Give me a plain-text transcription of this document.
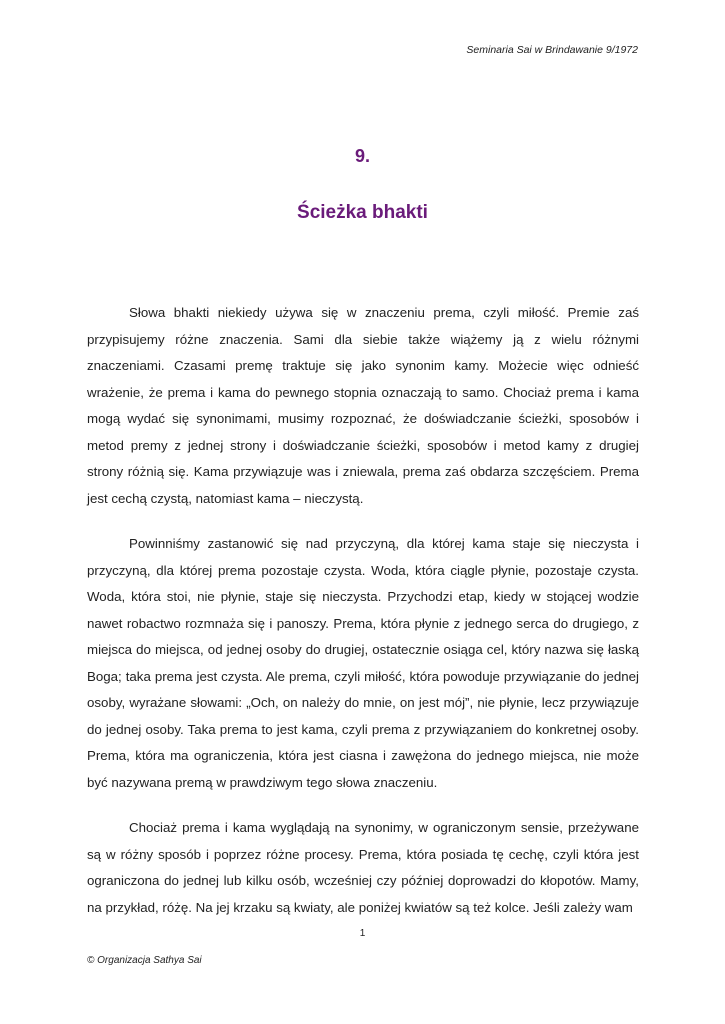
Seminaria Sai w Brindawanie 9/1972
9.
Ścieżka bhakti

Słowa bhakti niekiedy używa się w znaczeniu prema, czyli miłość. Premie zaś przypisujemy różne znaczenia. Sami dla siebie także wiążemy ją z wielu różnymi znaczeniami. Czasami premę traktuje się jako synonim kamy. Możecie więc odnieść wrażenie, że prema i kama do pewnego stopnia oznaczają to samo. Chociaż prema i kama mogą wydać się synonimami, musimy rozpoznać, że doświadczanie ścieżki, sposobów i metod premy z jednej strony i doświadczanie ścieżki, sposobów i metod kamy z drugiej strony różnią się. Kama przywiązuje was i zniewala, prema zaś obdarza szczęściem. Prema jest cechą czystą, natomiast kama – nieczystą.

Powinniśmy zastanowić się nad przyczyną, dla której kama staje się nieczysta i przyczyną, dla której prema pozostaje czysta. Woda, która ciągle płynie, pozostaje czysta. Woda, która stoi, nie płynie, staje się nieczysta. Przychodzi etap, kiedy w stojącej wodzie nawet robactwo rozmnaża się i panoszy. Prema, która płynie z jednego serca do drugiego, z miejsca do miejsca, od jednej osoby do drugiej, ostatecznie osiąga cel, który nazwa się łaską Boga; taka prema jest czysta. Ale prema, czyli miłość, która powoduje przywiązanie do jednej osoby, wyrażane słowami: „Och, on należy do mnie, on jest mój”, nie płynie, lecz przywiązuje do jednej osoby. Taka prema to jest kama, czyli prema z przywiązaniem do konkretnej osoby. Prema, która ma ograniczenia, która jest ciasna i zawężona do jednego miejsca, nie może być nazywana premą w prawdziwym tego słowa znaczeniu.

Chociaż prema i kama wyglądają na synonimy, w ograniczonym sensie, przeżywane są w różny sposób i poprzez różne procesy. Prema, która posiada tę cechę, czyli która jest ograniczona do jednej lub kilku osób, wcześniej czy później doprowadzi do kłopotów. Mamy, na przykład, różę. Na jej krzaku są kwiaty, ale poniżej kwiatów są też kolce. Jeśli zależy wam

1
© Organizacja Sathya Sai
